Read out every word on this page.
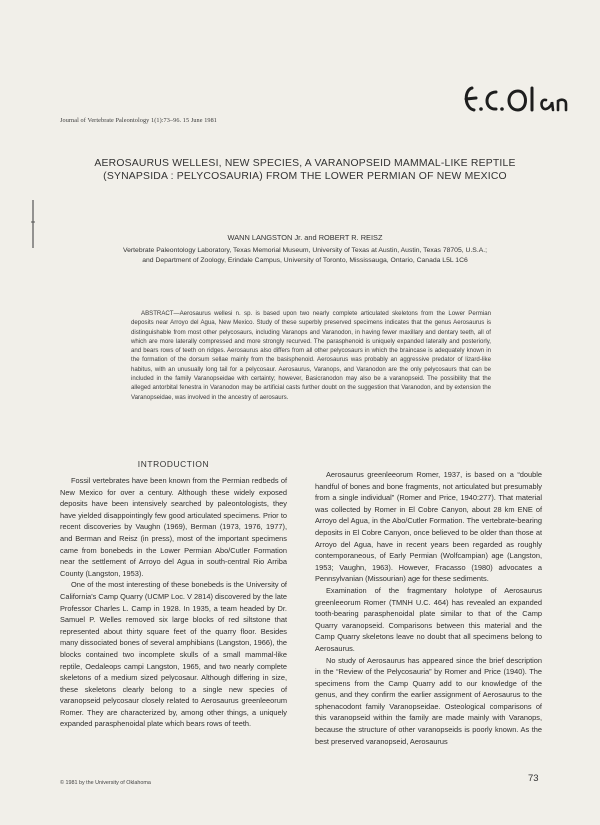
Journal of Vertebrate Paleontology 1(1):73–96. 15 June 1981
AEROSAURUS WELLESI, NEW SPECIES, A VARANOPSEID MAMMAL-LIKE REPTILE (SYNAPSIDA : PELYCOSAURIA) FROM THE LOWER PERMIAN OF NEW MEXICO
WANN LANGSTON Jr. and ROBERT R. REISZ
Vertebrate Paleontology Laboratory, Texas Memorial Museum, University of Texas at Austin, Austin, Texas 78705, U.S.A.; and Department of Zoology, Erindale Campus, University of Toronto, Mississauga, Ontario, Canada L5L 1C6

ABSTRACT—Aerosaurus wellesi n. sp. is based upon two nearly complete articulated skeletons from the Lower Permian deposits near Arroyo del Agua, New Mexico. Study of these superbly preserved specimens indicates that the genus Aerosaurus is distinguishable from most other pelycosaurs, including Varanops and Varanodon, in having fewer maxillary and dentary teeth, all of which are more laterally compressed and more strongly recurved. The parasphenoid is uniquely expanded laterally and posteriorly, and bears rows of teeth on ridges. Aerosaurus also differs from all other pelycosaurs in which the braincase is adequately known in the formation of the dorsum sellae mainly from the basisphenoid. Aerosaurus was probably an aggressive predator of lizard-like habitus, with an unusually long tail for a pelycosaur. Aerosaurus, Varanops, and Varanodon are the only pelycosaurs that can be included in the family Varanopseidae with certainty; however, Basicranodon may also be a varanopseid. The possibility that the alleged antorbital fenestra in Varanodon may be artificial casts further doubt on the suggestion that Varanodon, and by extension the Varanopseidae, was involved in the ancestry of aerosaurs.

INTRODUCTION

Fossil vertebrates have been known from the Permian redbeds of New Mexico for over a century. Although these widely exposed deposits have been intensively searched by paleontologists, they have yielded disappointingly few good articulated specimens. Prior to recent discoveries by Vaughn (1969), Berman (1973, 1976, 1977), and Berman and Reisz (in press), most of the important specimens came from bonebeds in the Lower Permian Abo/Cutler Formation near the settlement of Arroyo del Agua in south-central Rio Arriba County (Langston, 1953).

One of the most interesting of these bonebeds is the University of California's Camp Quarry (UCMP Loc. V 2814) discovered by the late Professor Charles L. Camp in 1928. In 1935, a team headed by Dr. Samuel P. Welles removed six large blocks of red siltstone that represented about thirty square feet of the quarry floor. Besides many dissociated bones of several amphibians (Langston, 1966), the blocks contained two incomplete skulls of a small mammal-like reptile, Oedaleops campi Langston, 1965, and two nearly complete skeletons of a medium sized pelycosaur. Although differing in size, these skeletons clearly belong to a single new species of varanopseid pelycosaur closely related to Aerosaurus greenleeorum Romer. They are characterized by, among other things, a uniquely expanded parasphenoidal plate which bears rows of teeth.

Aerosaurus greenleeorum Romer, 1937, is based on a “double handful of bones and bone fragments, not articulated but presumably from a single individual” (Romer and Price, 1940:277). That material was collected by Romer in El Cobre Canyon, about 28 km ENE of Arroyo del Agua, in the Abo/Cutler Formation. The vertebrate-bearing deposits in El Cobre Canyon, once believed to be older than those at Arroyo del Agua, have in recent years been regarded as roughly contemporaneous, of Early Permian (Wolfcampian) age (Langston, 1953; Vaughn, 1963). However, Fracasso (1980) advocates a Pennsylvanian (Missourian) age for these sediments.

Examination of the fragmentary holotype of Aerosaurus greenleeorum Romer (TMNH U.C. 464) has revealed an expanded tooth-bearing parasphenoidal plate similar to that of the Camp Quarry varanopseid. Comparisons between this material and the Camp Quarry skeletons leave no doubt that all specimens belong to Aerosaurus.

No study of Aerosaurus has appeared since the brief description in the “Review of the Pelycosauria” by Romer and Price (1940). The specimens from the Camp Quarry add to our knowledge of the genus, and they confirm the earlier assignment of Aerosaurus to the sphenacodont family Varanopseidae. Osteological comparisons of this varanopseid within the family are made mainly with Varanops, because the structure of other varanopseids is poorly known. As the best preserved varanopseid, Aerosaurus

© 1981 by the University of Oklahoma	73
